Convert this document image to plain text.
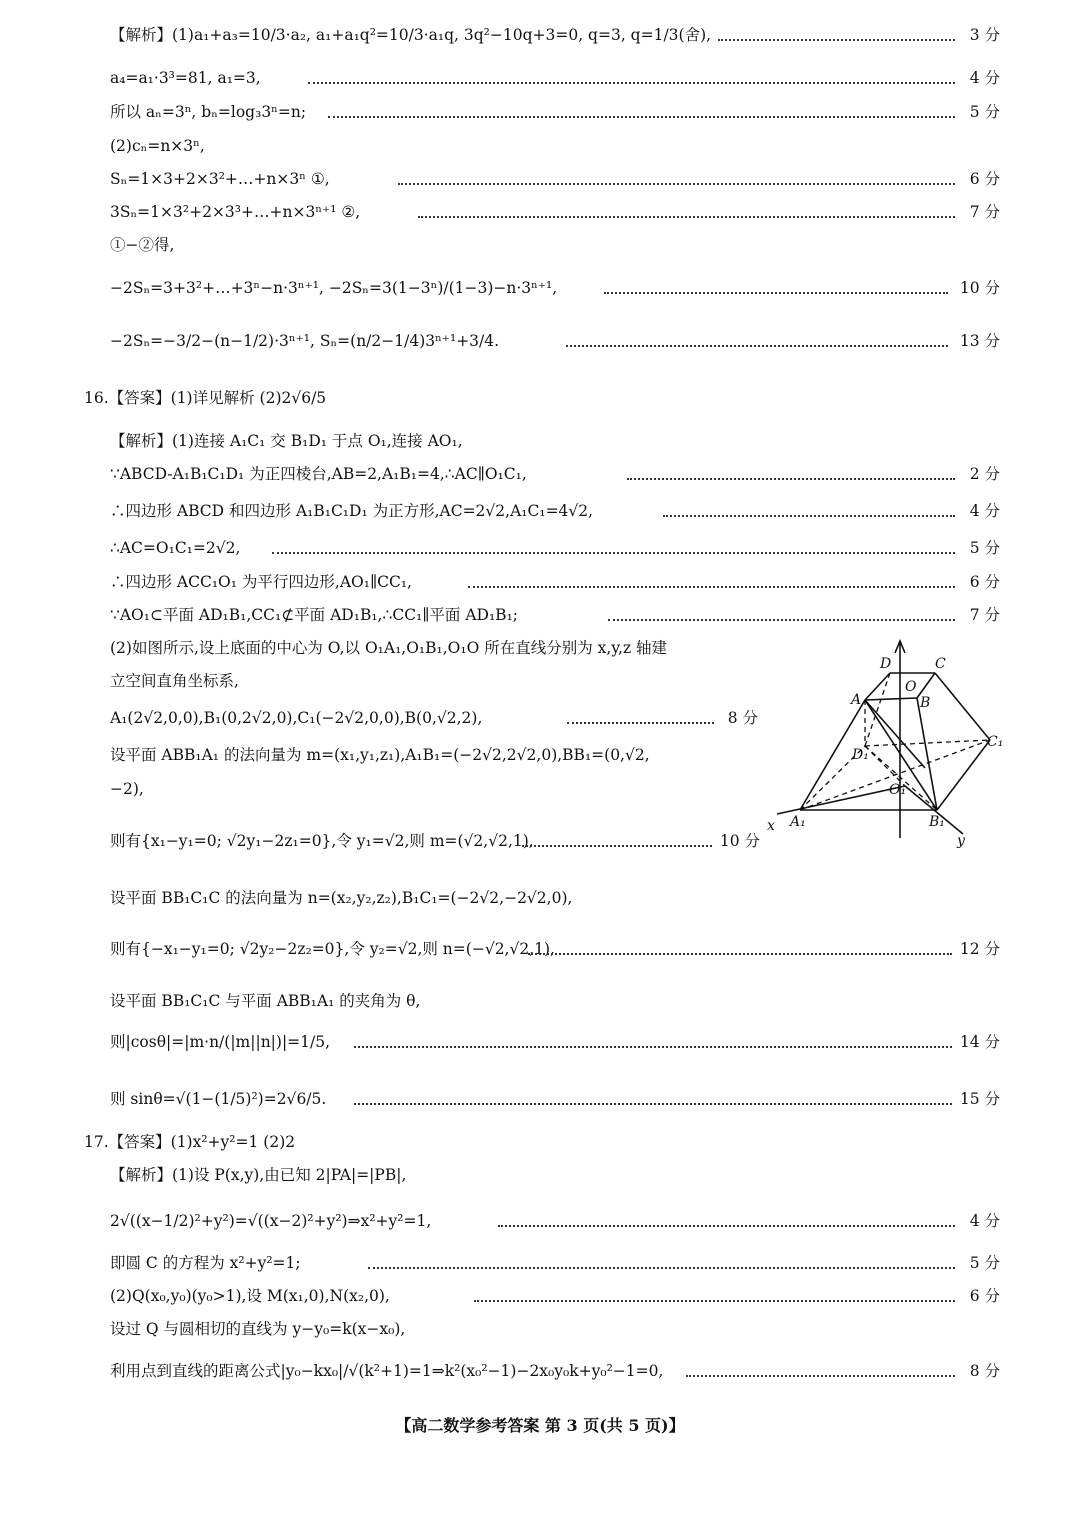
【解析】(1)a₁+a₃=10/3·a₂, a₁+a₁q²=10/3·a₁q, 3q²−10q+3=0, q=3, q=1/3(舍),	3 分
a₄=a₁·3³=81, a₁=3,	4 分
所以 aₙ=3ⁿ, bₙ=log₃3ⁿ=n;	5 分
(2)cₙ=n×3ⁿ,
Sₙ=1×3+2×3²+…+n×3ⁿ ①,	6 分
3Sₙ=1×3²+2×3³+…+n×3ⁿ⁺¹ ②,	7 分
①−②得,
−2Sₙ=3+3²+…+3ⁿ−n·3ⁿ⁺¹, −2Sₙ=3(1−3ⁿ)/(1−3)−n·3ⁿ⁺¹,	10 分
−2Sₙ=−3/2−(n−1/2)·3ⁿ⁺¹, Sₙ=(n/2−1/4)3ⁿ⁺¹+3/4.	13 分
16.【答案】(1)详见解析 (2)2√6/5
【解析】(1)连接 A₁C₁ 交 B₁D₁ 于点 O₁,连接 AO₁,
∵ABCD-A₁B₁C₁D₁ 为正四棱台,AB=2,A₁B₁=4,∴AC∥O₁C₁,	2 分
∴四边形 ABCD 和四边形 A₁B₁C₁D₁ 为正方形,AC=2√2,A₁C₁=4√2,	4 分
∴AC=O₁C₁=2√2,	5 分
∴四边形 ACC₁O₁ 为平行四边形,AO₁∥CC₁,	6 分
∵AO₁⊂平面 AD₁B₁,CC₁⊄平面 AD₁B₁,∴CC₁∥平面 AD₁B₁;	7 分
(2)如图所示,设上底面的中心为 O,以 O₁A₁,O₁B₁,O₁O 所在直线分别为 x,y,z 轴建
立空间直角坐标系,
A₁(2√2,0,0),B₁(0,2√2,0),C₁(−2√2,0,0),B(0,√2,2),	8 分
设平面 ABB₁A₁ 的法向量为 m=(x₁,y₁,z₁),A₁B₁=(−2√2,2√2,0),BB₁=(0,√2,
−2),
则有{x₁−y₁=0; √2y₁−2z₁=0},令 y₁=√2,则 m=(√2,√2,1),	10 分
设平面 BB₁C₁C 的法向量为 n=(x₂,y₂,z₂),B₁C₁=(−2√2,−2√2,0),
则有{−x₁−y₁=0; √2y₂−2z₂=0},令 y₂=√2,则 n=(−√2,√2,1),	12 分
设平面 BB₁C₁C 与平面 ABB₁A₁ 的夹角为 θ,
则|cosθ|=|m·n/(|m||n|)|=1/5,	14 分
则 sinθ=√(1−(1/5)²)=2√6/5.	15 分
17.【答案】(1)x²+y²=1 (2)2
【解析】(1)设 P(x,y),由已知 2|PA|=|PB|,
2√((x−1/2)²+y²)=√((x−2)²+y²)⇒x²+y²=1,	4 分
即圆 C 的方程为 x²+y²=1;	5 分
(2)Q(x₀,y₀)(y₀>1),设 M(x₁,0),N(x₂,0),	6 分
设过 Q 与圆相切的直线为 y−y₀=k(x−x₀),
利用点到直线的距离公式|y₀−kx₀|/√(k²+1)=1⇒k²(x₀²−1)−2x₀y₀k+y₀²−1=0,	8 分
D	C
O
A	B
D₁
C₁
O₁
A₁	B₁
x
y
【高二数学参考答案 第 3 页(共 5 页)】
